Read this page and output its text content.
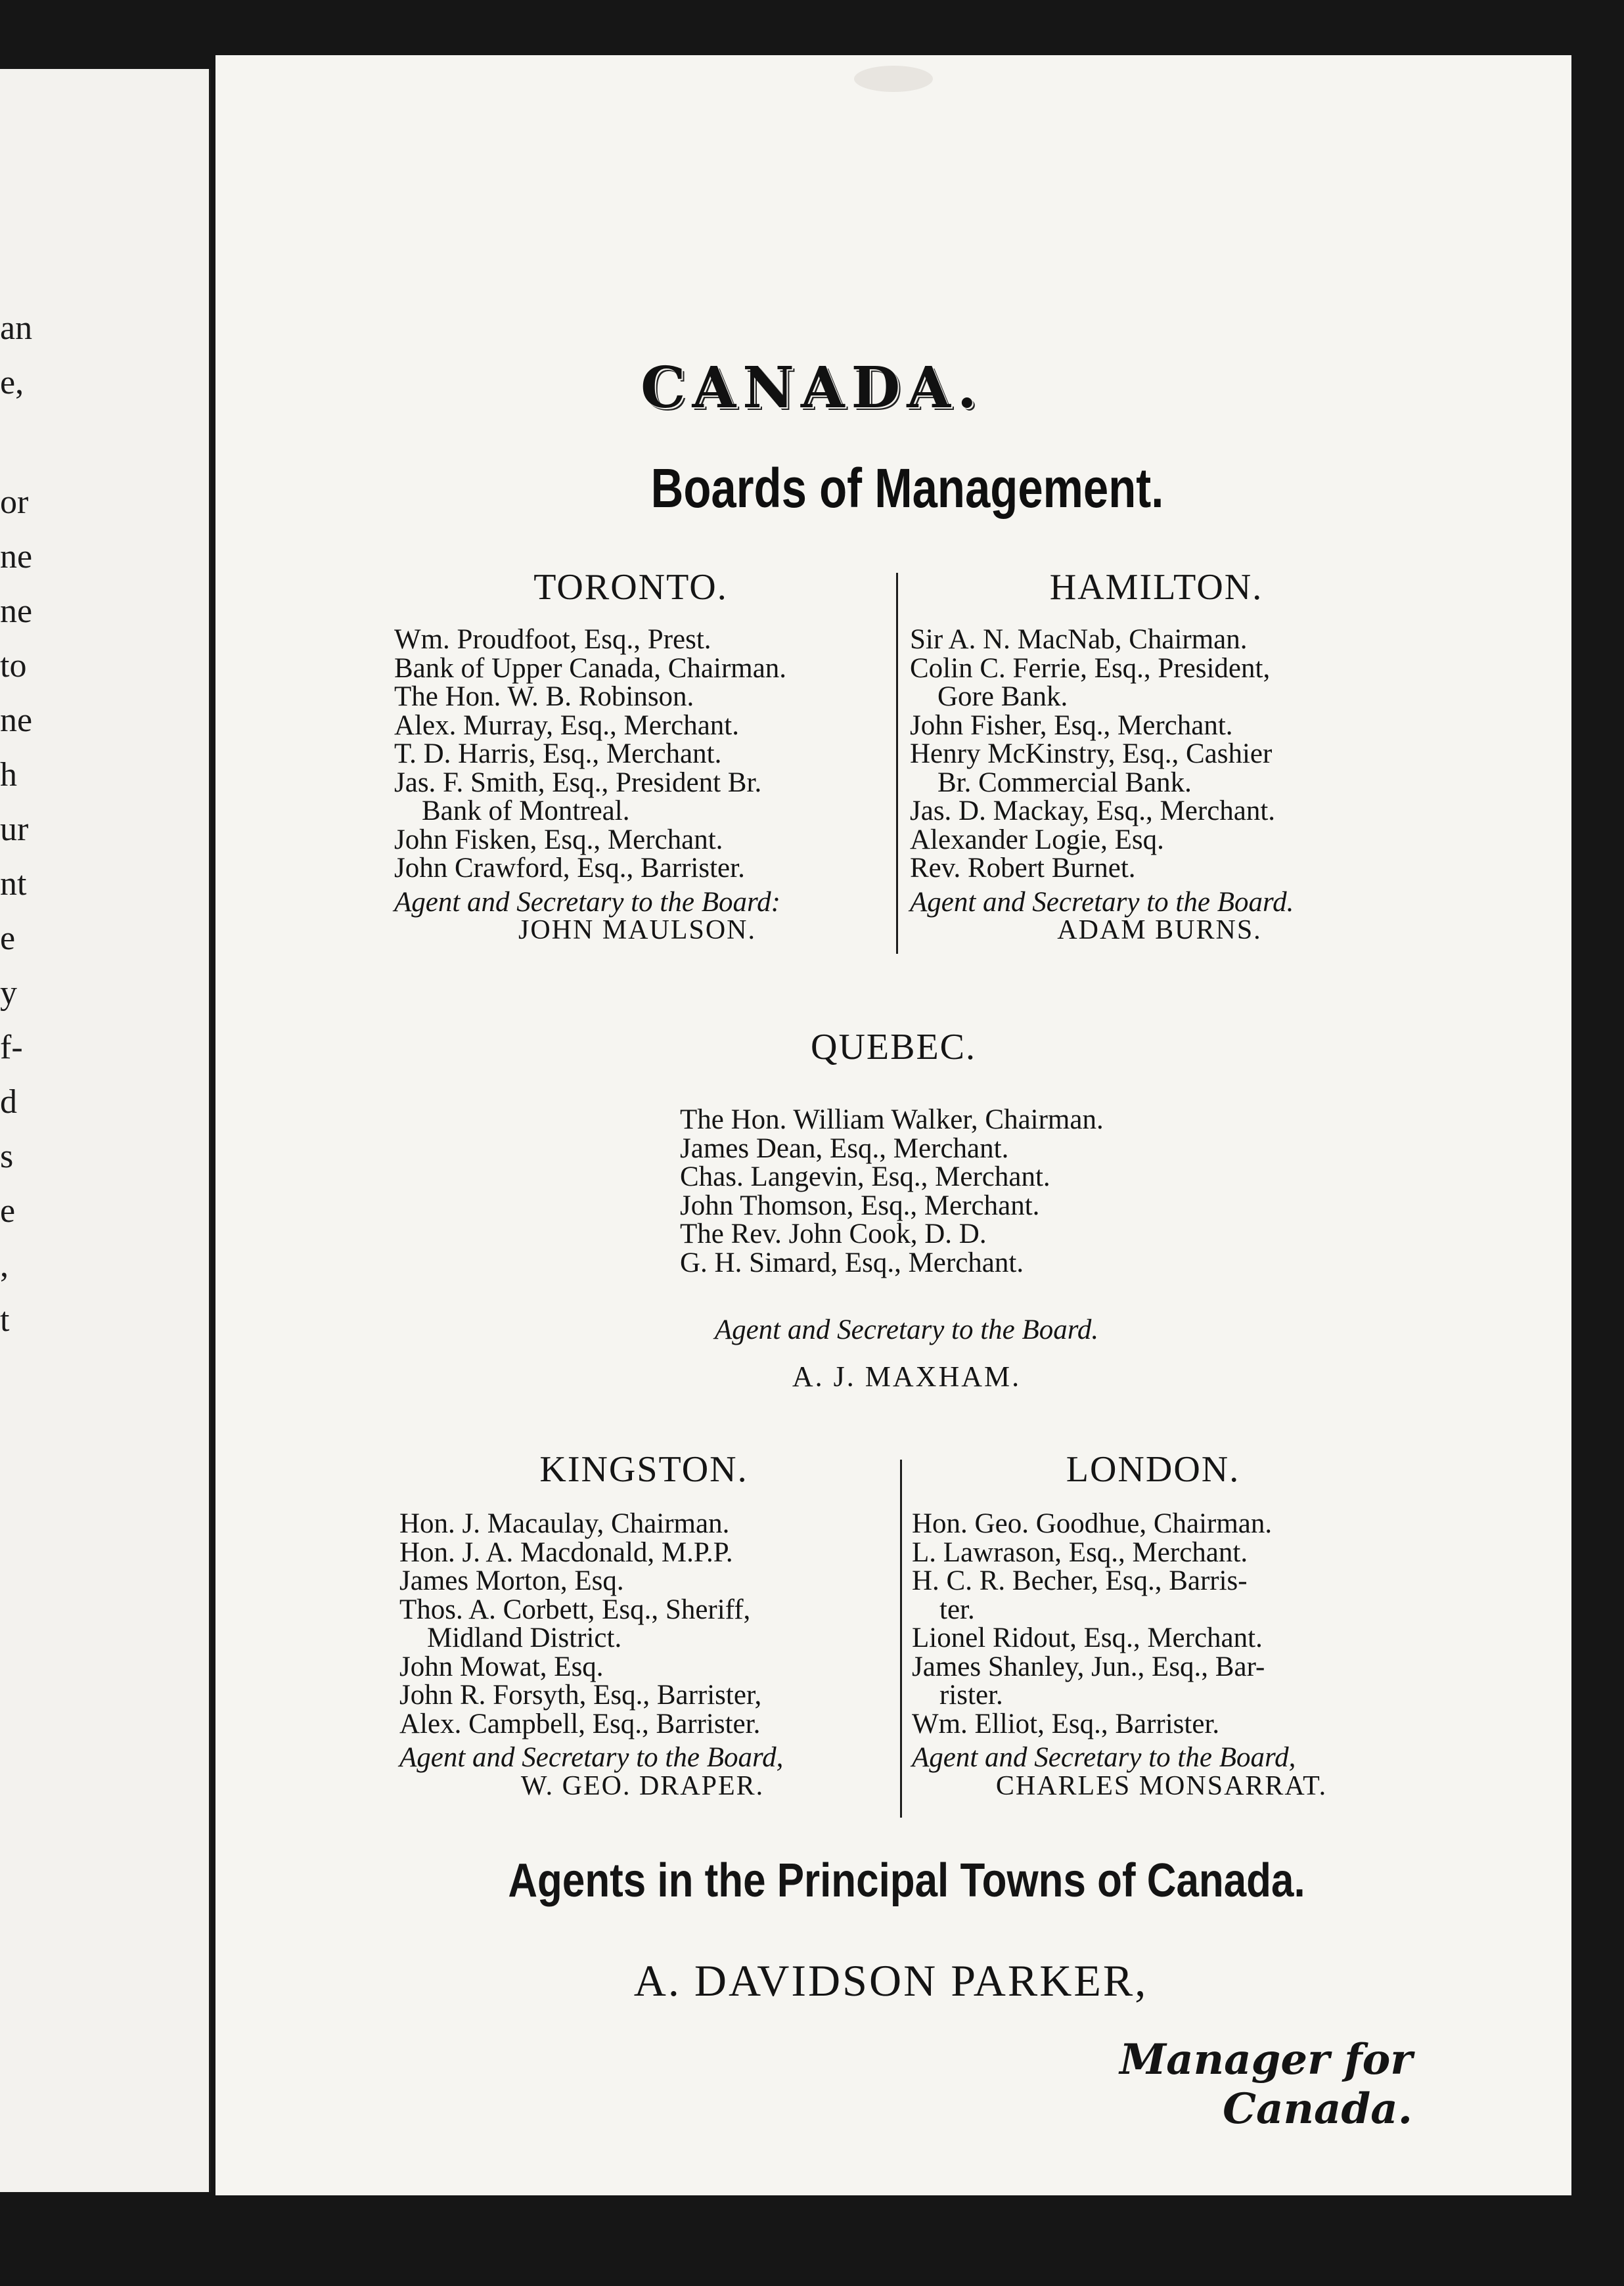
an
e,
or
ne
ne
to
ne
h
ur
nt
e
y
f-
d
s
e
,
t
CANADA.
Boards of Management.
TORONTO.
Wm. Proudfoot, Esq., Prest.
Bank of Upper Canada, Chairman.
The Hon. W. B. Robinson.
Alex. Murray, Esq., Merchant.
T. D. Harris, Esq., Merchant.
Jas. F. Smith, Esq., President Br.
Bank of Montreal.
John Fisken, Esq., Merchant.
John Crawford, Esq., Barrister.
Agent and Secretary to the Board:
JOHN MAULSON.
HAMILTON.
Sir A. N. MacNab, Chairman.
Colin C. Ferrie, Esq., President,
Gore Bank.
John Fisher, Esq., Merchant.
Henry McKinstry, Esq., Cashier
Br. Commercial Bank.
Jas. D. Mackay, Esq., Merchant.
Alexander Logie, Esq.
Rev. Robert Burnet.
Agent and Secretary to the Board.
ADAM BURNS.
QUEBEC.
The Hon. William Walker, Chairman.
James Dean, Esq., Merchant.
Chas. Langevin, Esq., Merchant.
John Thomson, Esq., Merchant.
The Rev. John Cook, D. D.
G. H. Simard, Esq., Merchant.
Agent and Secretary to the Board.
A. J. MAXHAM.
KINGSTON.
Hon. J. Macaulay, Chairman.
Hon. J. A. Macdonald, M.P.P.
James Morton, Esq.
Thos. A. Corbett, Esq., Sheriff,
Midland District.
John Mowat, Esq.
John R. Forsyth, Esq., Barrister,
Alex. Campbell, Esq., Barrister.
Agent and Secretary to the Board,
W. GEO. DRAPER.
LONDON.
Hon. Geo. Goodhue, Chairman.
L. Lawrason, Esq., Merchant.
H. C. R. Becher, Esq., Barris-
ter.
Lionel Ridout, Esq., Merchant.
James Shanley, Jun., Esq., Bar-
rister.
Wm. Elliot, Esq., Barrister.
Agent and Secretary to the Board,
CHARLES MONSARRAT.
Agents in the Principal Towns of Canada.
A. DAVIDSON PARKER,
Manager for Canada.
